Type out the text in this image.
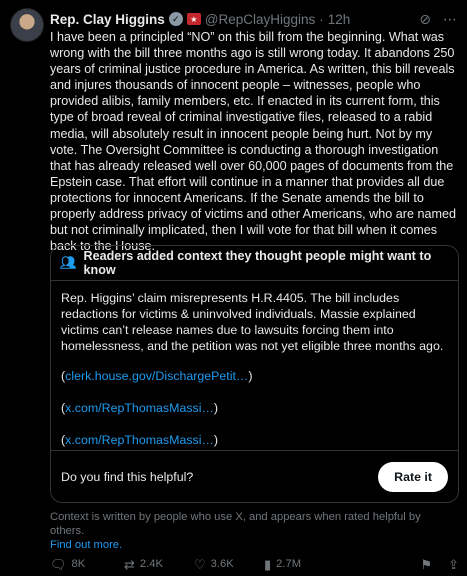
Rep. Clay Higgins ✓	★ @RepClayHiggins · 12h	⊘ ⋯

I have been a principled “NO” on this bill from the beginning. What was wrong with the bill three months ago is still wrong today. It abandons 250 years of criminal justice procedure in America. As written, this bill reveals and injures thousands of innocent people – witnesses, people who provided alibis, family members, etc. If enacted in its current form, this type of broad reveal of criminal investigative files, released to a rabid media, will absolutely result in innocent people being hurt. Not by my vote. The Oversight Committee is conducting a thorough investigation that has already released well over 60,000 pages of documents from the Epstein case. That effort will continue in a manner that provides all due protections for innocent Americans. If the Senate amends the bill to properly address privacy of victims and other Americans, who are named but not criminally implicated, then I will vote for that bill when it comes back to the House.

👥︎ Readers added context they thought people might want to know

Rep. Higgins’ claim misrepresents H.R.4405. The bill includes redactions for victims & uninvolved individuals. Massie explained victims can’t release names due to lawsuits forcing them into homelessness, and the petition was not yet eligible three months ago.

(clerk.house.gov/DischargePetit…)
(x.com/RepThomasMassi…)
(x.com/RepThomasMassi…)
Do you find this helpful?	Rate it

Context is written by people who use X, and appears when rated helpful by others.
Find out more.

🗨︎ 8K	⇄ 2.4K ♡ 3.6K ▮ 2.7M	⚑ ⇪
